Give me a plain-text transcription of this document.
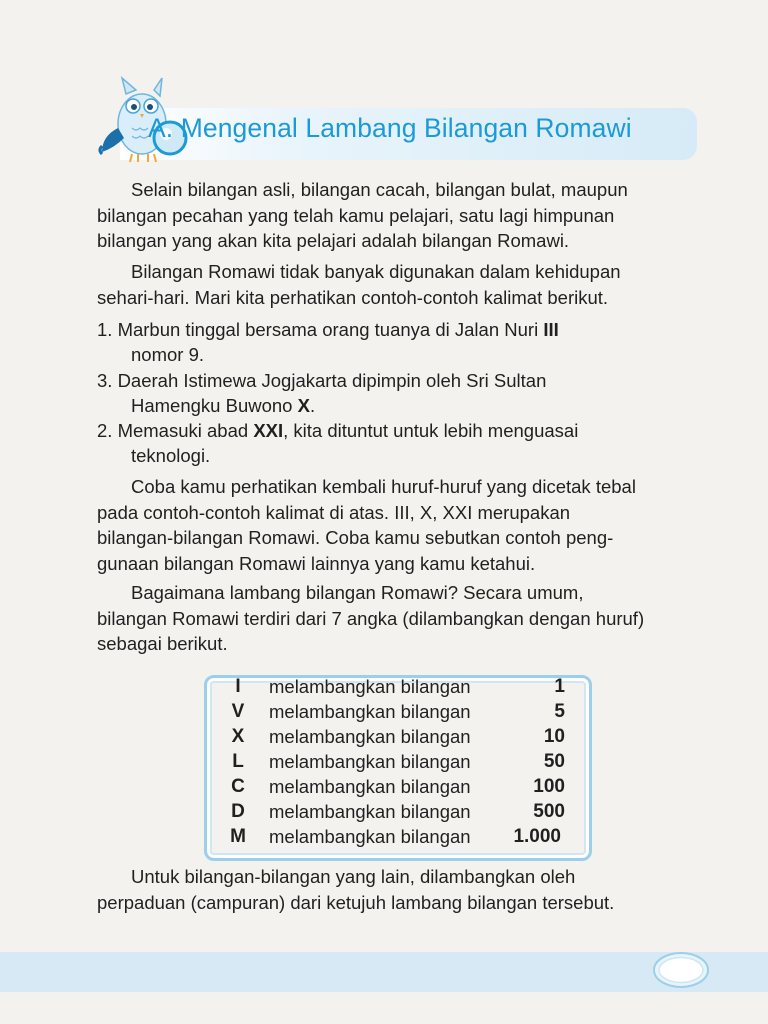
A. Mengenal Lambang Bilangan Romawi

Selain bilangan asli, bilangan cacah, bilangan bulat, maupun
bilangan pecahan yang telah kamu pelajari, satu lagi himpunan
bilangan yang akan kita pelajari adalah bilangan Romawi.

Bilangan Romawi tidak banyak digunakan dalam kehidupan
sehari-hari. Mari kita perhatikan contoh-contoh kalimat berikut.

1. Marbun tinggal bersama orang tuanya di Jalan Nuri III
nomor 9.

3. Daerah Istimewa Jogjakarta dipimpin oleh Sri Sultan
Hamengku Buwono X.

2. Memasuki abad XXI, kita dituntut untuk lebih menguasai
teknologi.

Coba kamu perhatikan kembali huruf-huruf yang dicetak tebal
pada contoh-contoh kalimat di atas. III, X, XXI merupakan
bilangan-bilangan Romawi. Coba kamu sebutkan contoh peng-
gunaan bilangan Romawi lainnya yang kamu ketahui.

Bagaimana lambang bilangan Romawi? Secara umum,
bilangan Romawi terdiri dari 7 angka (dilambangkan dengan huruf)
sebagai berikut.

I	melambangkan bilangan	1
V	melambangkan bilangan	5
X	melambangkan bilangan	10
L	melambangkan bilangan	50
C	melambangkan bilangan	100
D	melambangkan bilangan	500
M	melambangkan bilangan 1.000

Untuk bilangan-bilangan yang lain, dilambangkan oleh
perpaduan (campuran) dari ketujuh lambang bilangan tersebut.
